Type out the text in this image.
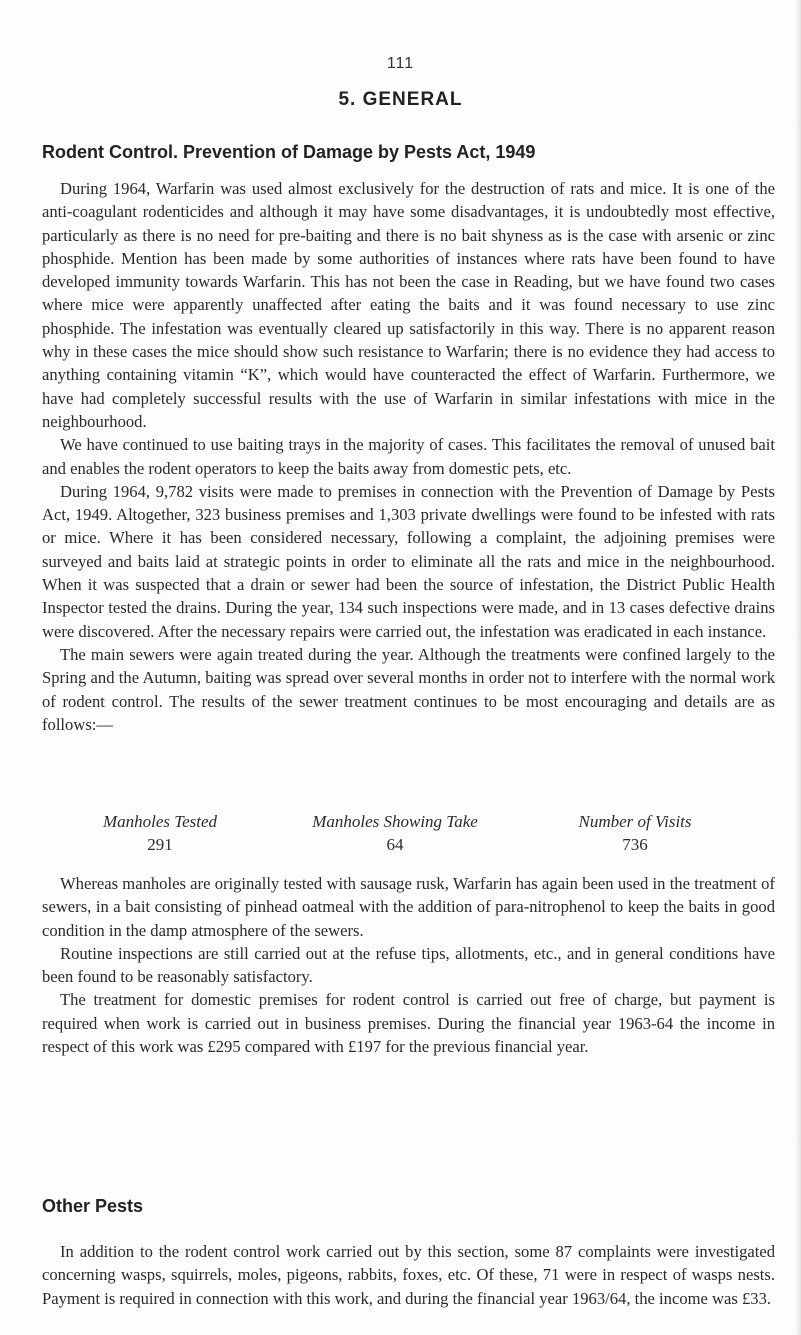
111
5. GENERAL
Rodent Control. Prevention of Damage by Pests Act, 1949

During 1964, Warfarin was used almost exclusively for the destruction of rats and mice. It is one of the anti-coagulant rodenticides and although it may have some disadvantages, it is undoubtedly most effective, particularly as there is no need for pre-baiting and there is no bait shyness as is the case with arsenic or zinc phosphide. Mention has been made by some authorities of instances where rats have been found to have developed immunity towards Warfarin. This has not been the case in Reading, but we have found two cases where mice were apparently unaffected after eating the baits and it was found necessary to use zinc phosphide. The infestation was eventually cleared up satisfactorily in this way. There is no apparent reason why in these cases the mice should show such resistance to Warfarin; there is no evidence they had access to anything containing vitamin “K”, which would have counteracted the effect of Warfarin. Furthermore, we have had completely successful results with the use of Warfarin in similar infestations with mice in the neighbourhood.

We have continued to use baiting trays in the majority of cases. This facilitates the removal of unused bait and enables the rodent operators to keep the baits away from domestic pets, etc.

During 1964, 9,782 visits were made to premises in connection with the Prevention of Damage by Pests Act, 1949. Altogether, 323 business premises and 1,303 private dwellings were found to be infested with rats or mice. Where it has been considered necessary, following a complaint, the adjoining premises were surveyed and baits laid at strategic points in order to eliminate all the rats and mice in the neighbourhood. When it was suspected that a drain or sewer had been the source of infestation, the District Public Health Inspector tested the drains. During the year, 134 such inspections were made, and in 13 cases defective drains were discovered. After the necessary repairs were carried out, the infestation was eradicated in each instance.

The main sewers were again treated during the year. Although the treatments were confined largely to the Spring and the Autumn, baiting was spread over several months in order not to interfere with the normal work of rodent control. The results of the sewer treatment continues to be most encouraging and details are as follows:—

Manholes Tested	Manholes Showing Take	Number of Visits
291	64	736

Whereas manholes are originally tested with sausage rusk, Warfarin has again been used in the treatment of sewers, in a bait consisting of pinhead oatmeal with the addition of para-nitrophenol to keep the baits in good condition in the damp atmosphere of the sewers.

Routine inspections are still carried out at the refuse tips, allotments, etc., and in general conditions have been found to be reasonably satisfactory.

The treatment for domestic premises for rodent control is carried out free of charge, but payment is required when work is carried out in business premises. During the financial year 1963-64 the income in respect of this work was £295 compared with £197 for the previous financial year.

Other Pests

In addition to the rodent control work carried out by this section, some 87 complaints were investigated concerning wasps, squirrels, moles, pigeons, rabbits, foxes, etc. Of these, 71 were in respect of wasps nests. Payment is required in connection with this work, and during the financial year 1963/64, the income was £33.
